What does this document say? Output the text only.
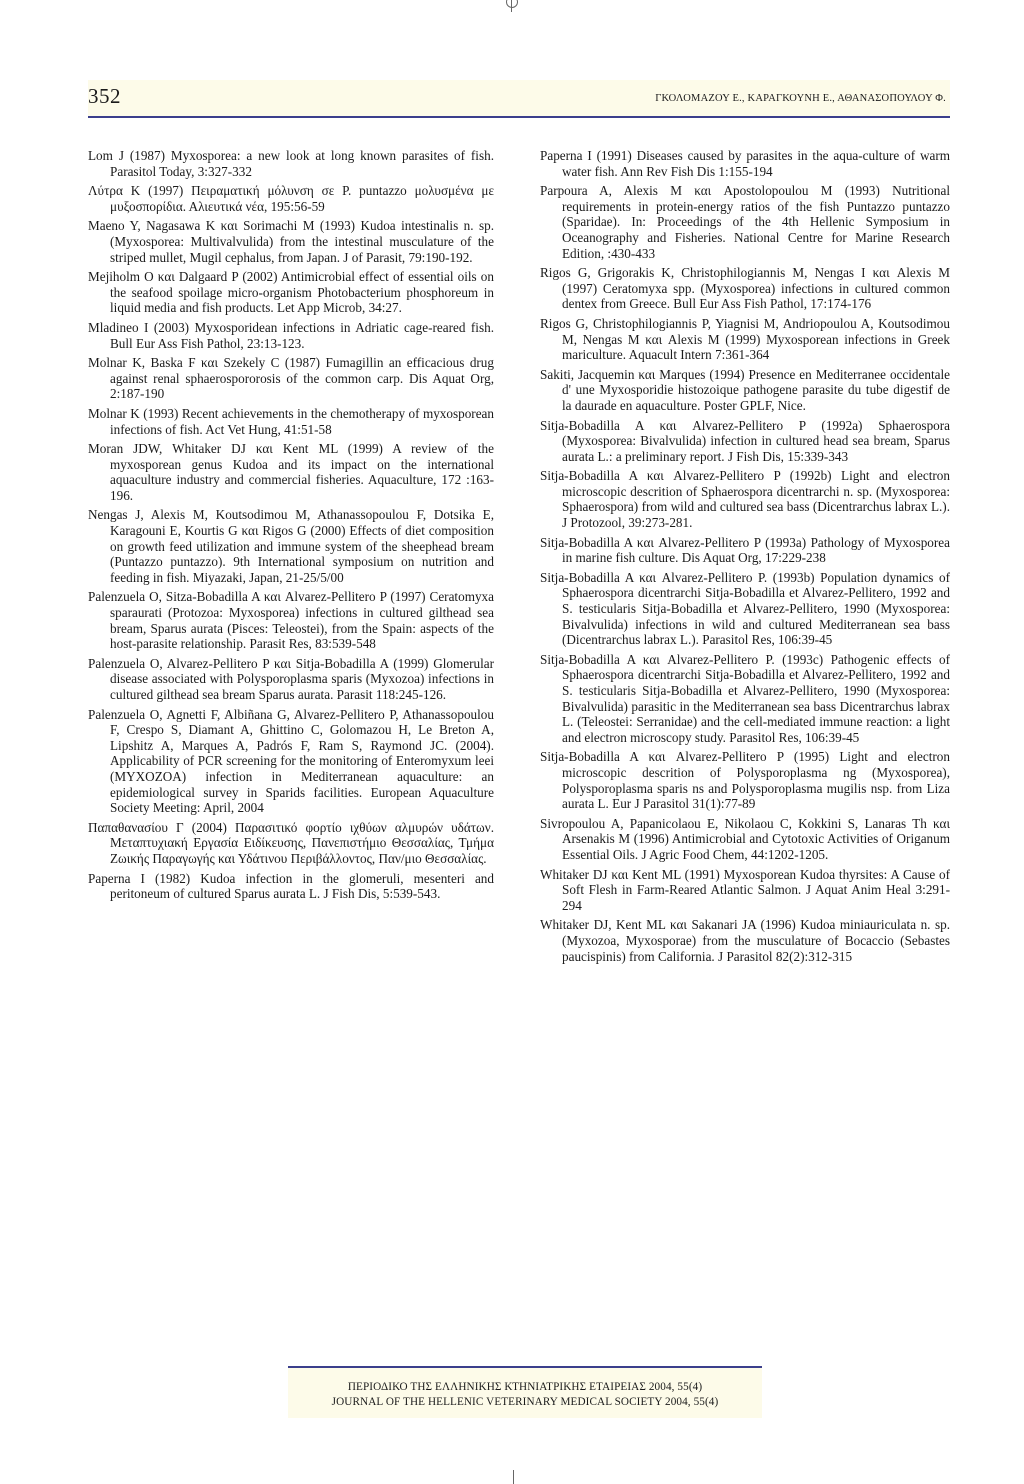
352	ΓΚΟΛΟΜΑΖΟΥ Ε., ΚΑΡΑΓΚΟΥΝΗ Ε., ΑΘΑΝΑΣΟΠΟΥΛΟΥ Φ.

Lom J (1987) Myxosporea: a new look at long known parasites of fish. Parasitol Today, 3:327-332

Λύτρα Κ (1997) Πειραματική μόλυνση σε P. puntazzo μολυσμένα με μυξοσπορίδια. Αλιευτικά νέα, 195:56-59

Maeno Y, Nagasawa K και Sorimachi M (1993) Kudoa intestinalis n. sp. (Myxosporea: Multivalvulida) from the intestinal musculature of the striped mullet, Mugil cephalus, from Japan. J of Parasit, 79:190-192.

Mejiholm O και Dalgaard P (2002) Antimicrobial effect of essential oils on the seafood spoilage micro-organism Photobacterium phosphoreum in liquid media and fish products. Let App Microb, 34:27.

Mladineo I (2003) Myxosporidean infections in Adriatic cage-reared fish. Bull Eur Ass Fish Pathol, 23:13-123.

Molnar K, Baska F και Szekely C (1987) Fumagillin an efficacious drug against renal sphaerospororosis of the common carp. Dis Aquat Org, 2:187-190

Molnar K (1993) Recent achievements in the chemotherapy of myxosporean infections of fish. Act Vet Hung, 41:51-58

Moran JDW, Whitaker DJ και Kent ML (1999) A review of the myxosporean genus Kudoa and its impact on the international aquaculture industry and commercial fisheries. Aquaculture, 172 :163-196.

Nengas J, Alexis M, Koutsodimou M, Athanassopoulou F, Dotsika E, Karagouni E, Kourtis G και Rigos G (2000) Effects of diet composition on growth feed utilization and immune system of the sheephead bream (Puntazzo puntazzo). 9th International symposium on nutrition and feeding in fish. Miyazaki, Japan, 21-25/5/00

Palenzuela O, Sitza-Bobadilla A και Alvarez-Pellitero P (1997) Ceratomyxa sparaurati (Protozoa: Myxosporea) infections in cultured gilthead sea bream, Sparus aurata (Pisces: Teleostei), from the Spain: aspects of the host-parasite relationship. Parasit Res, 83:539-548

Palenzuela O, Alvarez-Pellitero P και Sitja-Bobadilla A (1999) Glomerular disease associated with Polysporoplasma sparis (Myxozoa) infections in cultured gilthead sea bream Sparus aurata. Parasit 118:245-126.

Palenzuela O, Agnetti F, Albiñana G, Alvarez-Pellitero P, Athanassopoulou F, Crespo S, Diamant A, Ghittino C, Golomazou H, Le Breton A, Lipshitz A, Marques A, Padrós F, Ram S, Raymond JC. (2004). Applicability of PCR screening for the monitoring of Enteromyxum leei (MYXOZOA) infection in Mediterranean aquaculture: an epidemiological survey in Sparids facilities. European Aquaculture Society Meeting: April, 2004

Παπαθανασίου Γ (2004) Παρασιτικό φορτίο ιχθύων αλμυρών υδάτων. Μεταπτυχιακή Εργασία Ειδίκευσης, Πανεπιστήμιο Θεσσαλίας, Τμήμα Ζωικής Παραγωγής και Υδάτινου Περιβάλλοντος, Παν/μιο Θεσσαλίας.

Paperna I (1982) Kudoa infection in the glomeruli, mesenteri and peritoneum of cultured Sparus aurata L. J Fish Dis, 5:539-543.

Paperna I (1991) Diseases caused by parasites in the aqua-culture of warm water fish. Ann Rev Fish Dis 1:155-194

Parpoura A, Alexis M και Apostolopoulou M (1993) Nutritional requirements in protein-energy ratios of the fish Puntazzo puntazzo (Sparidae). In: Proceedings of the 4th Hellenic Symposium in Oceanography and Fisheries. National Centre for Marine Research Edition, :430-433

Rigos G, Grigorakis K, Christophilogiannis M, Nengas I και Alexis M (1997) Ceratomyxa spp. (Myxosporea) infections in cultured common dentex from Greece. Bull Eur Ass Fish Pathol, 17:174-176

Rigos G, Christophilogiannis P, Yiagnisi M, Andriopoulou A, Koutsodimou M, Nengas M και Alexis M (1999) Myxosporean infections in Greek mariculture. Aquacult Intern 7:361-364

Sakiti, Jacquemin και Marques (1994) Presence en Mediterranee occidentale d' une Myxosporidie histozoique pathogene parasite du tube digestif de la daurade en aquaculture. Poster GPLF, Nice.

Sitja-Bobadilla A και Alvarez-Pellitero P (1992a) Sphaerospora (Myxosporea: Bivalvulida) infection in cultured head sea bream, Sparus aurata L.: a preliminary report. J Fish Dis, 15:339-343

Sitja-Bobadilla A και Alvarez-Pellitero P (1992b) Light and electron microscopic descrition of Sphaerospora dicentrarchi n. sp. (Myxosporea: Sphaerospora) from wild and cultured sea bass (Dicentrarchus labrax L.). J Protozool, 39:273-281.

Sitja-Bobadilla A και Alvarez-Pellitero P (1993a) Pathology of Myxosporea in marine fish culture. Dis Aquat Org, 17:229-238

Sitja-Bobadilla A και Alvarez-Pellitero P. (1993b) Population dynamics of Sphaerospora dicentrarchi Sitja-Bobadilla et Alvarez-Pellitero, 1992 and S. testicularis Sitja-Bobadilla et Alvarez-Pellitero, 1990 (Myxosporea: Bivalvulida) infections in wild and cultured Mediterranean sea bass (Dicentrarchus labrax L.). Parasitol Res, 106:39-45

Sitja-Bobadilla A και Alvarez-Pellitero P. (1993c) Pathogenic effects of Sphaerospora dicentrarchi Sitja-Bobadilla et Alvarez-Pellitero, 1992 and S. testicularis Sitja-Bobadilla et Alvarez-Pellitero, 1990 (Myxosporea: Bivalvulida) parasitic in the Mediterranean sea bass Dicentrarchus labrax L. (Teleostei: Serranidae) and the cell-mediated immune reaction: a light and electron microscopy study. Parasitol Res, 106:39-45

Sitja-Bobadilla A και Alvarez-Pellitero P (1995) Light and electron microscopic descrition of Polysporoplasma ng (Myxosporea), Polysporoplasma sparis ns and Polysporoplasma mugilis nsp. from Liza aurata L. Eur J Parasitol 31(1):77-89

Sivropoulou A, Papanicolaou E, Nikolaou C, Kokkini S, Lanaras Th και Arsenakis M (1996) Antimicrobial and Cytotoxic Activities of Origanum Essential Oils. J Agric Food Chem, 44:1202-1205.

Whitaker DJ και Kent ML (1991) Myxosporean Kudoa thyrsites: A Cause of Soft Flesh in Farm-Reared Atlantic Salmon. J Aquat Anim Heal 3:291-294

Whitaker DJ, Kent ML και Sakanari JA (1996) Kudoa miniauriculata n. sp. (Myxozoa, Myxosporae) from the musculature of Bocaccio (Sebastes paucispinis) from California. J Parasitol 82(2):312-315

ΠΕΡΙΟΔΙΚΟ ΤΗΣ ΕΛΛΗΝΙΚΗΣ ΚΤΗΝΙΑΤΡΙΚΗΣ ΕΤΑΙΡΕΙΑΣ 2004, 55(4)
JOURNAL OF THE HELLENIC VETERINARY MEDICAL SOCIETY 2004, 55(4)
